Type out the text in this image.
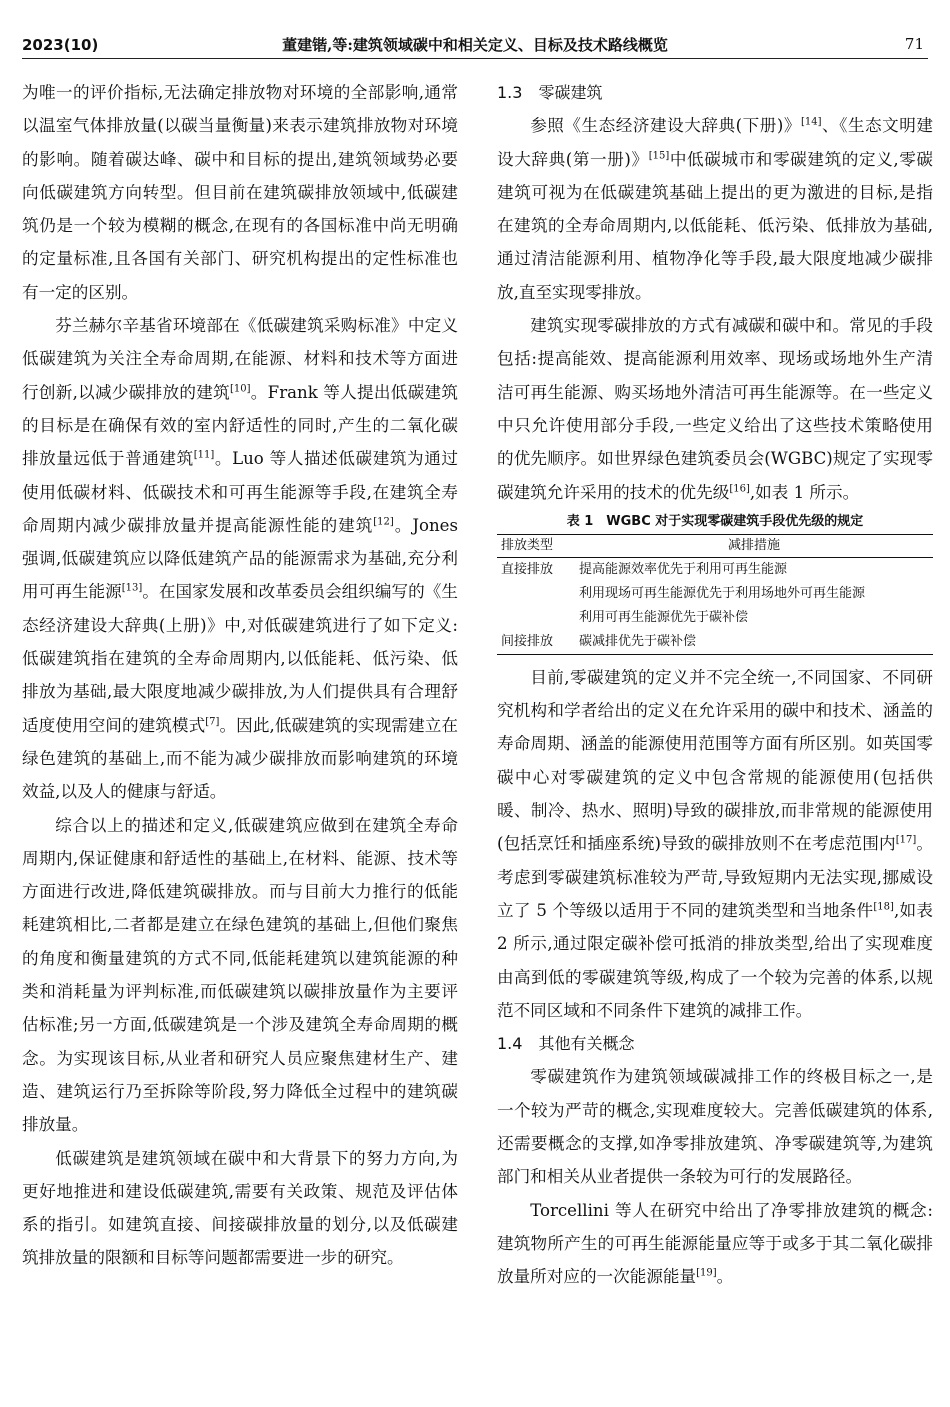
2023(10)	董建锴,等:建筑领域碳中和相关定义、目标及技术路线概览	71

为唯一的评价指标,无法确定排放物对环境的全部影响,通常以温室气体排放量(以碳当量衡量)来表示建筑排放物对环境的影响。随着碳达峰、碳中和目标的提出,建筑领域势必要向低碳建筑方向转型。但目前在建筑碳排放领域中,低碳建筑仍是一个较为模糊的概念,在现有的各国标准中尚无明确的定量标准,且各国有关部门、研究机构提出的定性标准也有一定的区别。

芬兰赫尔辛基省环境部在《低碳建筑采购标准》中定义低碳建筑为关注全寿命周期,在能源、材料和技术等方面进行创新,以减少碳排放的建筑[10]。Frank 等人提出低碳建筑的目标是在确保有效的室内舒适性的同时,产生的二氧化碳排放量远低于普通建筑[11]。Luo 等人描述低碳建筑为通过使用低碳材料、低碳技术和可再生能源等手段,在建筑全寿命周期内减少碳排放量并提高能源性能的建筑[12]。Jones 强调,低碳建筑应以降低建筑产品的能源需求为基础,充分利用可再生能源[13]。在国家发展和改革委员会组织编写的《生态经济建设大辞典(上册)》中,对低碳建筑进行了如下定义:低碳建筑指在建筑的全寿命周期内,以低能耗、低污染、低排放为基础,最大限度地减少碳排放,为人们提供具有合理舒适度使用空间的建筑模式[7]。因此,低碳建筑的实现需建立在绿色建筑的基础上,而不能为减少碳排放而影响建筑的环境效益,以及人的健康与舒适。

综合以上的描述和定义,低碳建筑应做到在建筑全寿命周期内,保证健康和舒适性的基础上,在材料、能源、技术等方面进行改进,降低建筑碳排放。而与目前大力推行的低能耗建筑相比,二者都是建立在绿色建筑的基础上,但他们聚焦的角度和衡量建筑的方式不同,低能耗建筑以建筑能源的种类和消耗量为评判标准,而低碳建筑以碳排放量作为主要评估标准;另一方面,低碳建筑是一个涉及建筑全寿命周期的概念。为实现该目标,从业者和研究人员应聚焦建材生产、建造、建筑运行乃至拆除等阶段,努力降低全过程中的建筑碳排放量。

低碳建筑是建筑领域在碳中和大背景下的努力方向,为更好地推进和建设低碳建筑,需要有关政策、规范及评估体系的指引。如建筑直接、间接碳排放量的划分,以及低碳建筑排放量的限额和目标等问题都需要进一步的研究。

1.3　零碳建筑

参照《生态经济建设大辞典(下册)》[14]、《生态文明建设大辞典(第一册)》[15]中低碳城市和零碳建筑的定义,零碳建筑可视为在低碳建筑基础上提出的更为激进的目标,是指在建筑的全寿命周期内,以低能耗、低污染、低排放为基础,通过清洁能源利用、植物净化等手段,最大限度地减少碳排放,直至实现零排放。

建筑实现零碳排放的方式有减碳和碳中和。常见的手段包括:提高能效、提高能源利用效率、现场或场地外生产清洁可再生能源、购买场地外清洁可再生能源等。在一些定义中只允许使用部分手段,一些定义给出了这些技术策略使用的优先顺序。如世界绿色建筑委员会(WGBC)规定了实现零碳建筑允许采用的技术的优先级[16],如表 1 所示。

表 1　WGBC 对于实现零碳建筑手段优先级的规定
排放类型	减排措施
直接排放	提高能源效率优先于利用可再生能源
	利用现场可再生能源优先于利用场地外可再生能源
	利用可再生能源优先于碳补偿
间接排放	碳减排优先于碳补偿

目前,零碳建筑的定义并不完全统一,不同国家、不同研究机构和学者给出的定义在允许采用的碳中和技术、涵盖的寿命周期、涵盖的能源使用范围等方面有所区别。如英国零碳中心对零碳建筑的定义中包含常规的能源使用(包括供暖、制冷、热水、照明)导致的碳排放,而非常规的能源使用(包括烹饪和插座系统)导致的碳排放则不在考虑范围内[17]。考虑到零碳建筑标准较为严苛,导致短期内无法实现,挪威设立了 5 个等级以适用于不同的建筑类型和当地条件[18],如表 2 所示,通过限定碳补偿可抵消的排放类型,给出了实现难度由高到低的零碳建筑等级,构成了一个较为完善的体系,以规范不同区域和不同条件下建筑的减排工作。

1.4　其他有关概念

零碳建筑作为建筑领域碳减排工作的终极目标之一,是一个较为严苛的概念,实现难度较大。完善低碳建筑的体系,还需要概念的支撑,如净零排放建筑、净零碳建筑等,为建筑部门和相关从业者提供一条较为可行的发展路径。

Torcellini 等人在研究中给出了净零排放建筑的概念:建筑物所产生的可再生能源能量应等于或多于其二氧化碳排放量所对应的一次能源能量[19]。
